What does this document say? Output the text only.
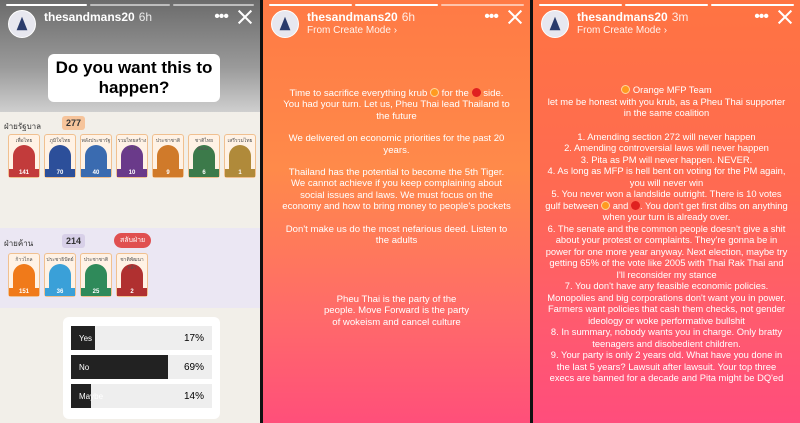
thesandmans20 6h	•••
Do you want this to happen?
ฝ่ายรัฐบาล	277
เพื่อไทย
141
ภูมิใจไทย
70
พลังประชารัฐ
40
รวมไทยสร้างชาติ
10
ประชาชาติ
9
ชาติไทยพัฒนา
6
เสรีรวมไทย
1
ฝ่ายค้าน	214	สลับฝ่าย
ก้าวไกล
151
ประชาธิปัตย์
36
ประชาชาติ
25
ชาติพัฒนากล้า
2
Yes	17%
No	69%
Maybe	14%
thesandmans20 6h
From Create Mode ›
•••

Time to sacrifice everything krub for the side. You had your turn. Let us, Pheu Thai lead Thailand to the future

We delivered on economic priorities for the past 20 years.

Thailand has the potential to become the 5th Tiger. We cannot achieve if you keep complaining about social issues and laws. We must focus on the economy and how to bring money to people's pockets

Don't make us do the most nefarious deed. Listen to the adults

Pheu Thai is the party of the people. Move Forward is the party of wokeism and cancel culture
thesandmans20 3m
From Create Mode ›
•••

Orange MFP Team

let me be honest with you krub, as a Pheu Thai supporter in the same coalition

1. Amending section 272 will never happen

2. Amending controversial laws will never happen

3. Pita as PM will never happen. NEVER.

4. As long as MFP is hell bent on voting for the PM again, you will never win

5. You never won a landslide outright. There is 10 votes gulf between and . You don't get first dibs on anything when your turn is already over.

6. The senate and the common people doesn't give a shit about your protest or complaints. They're gonna be in power for one more year anyway. Next election, maybe try getting 65% of the vote like 2005 with Thai Rak Thai and I'll reconsider my stance

7. You don't have any feasible economic policies. Monopolies and big corporations don't want you in power. Farmers want policies that cash them checks, not gender ideology or woke performative bullshit

8. In summary, nobody wants you in charge. Only bratty teenagers and disobedient children.

9. Your party is only 2 years old. What have you done in the last 5 years? Lawsuit after lawsuit. Your top three execs are banned for a decade and Pita might be DQ'ed
